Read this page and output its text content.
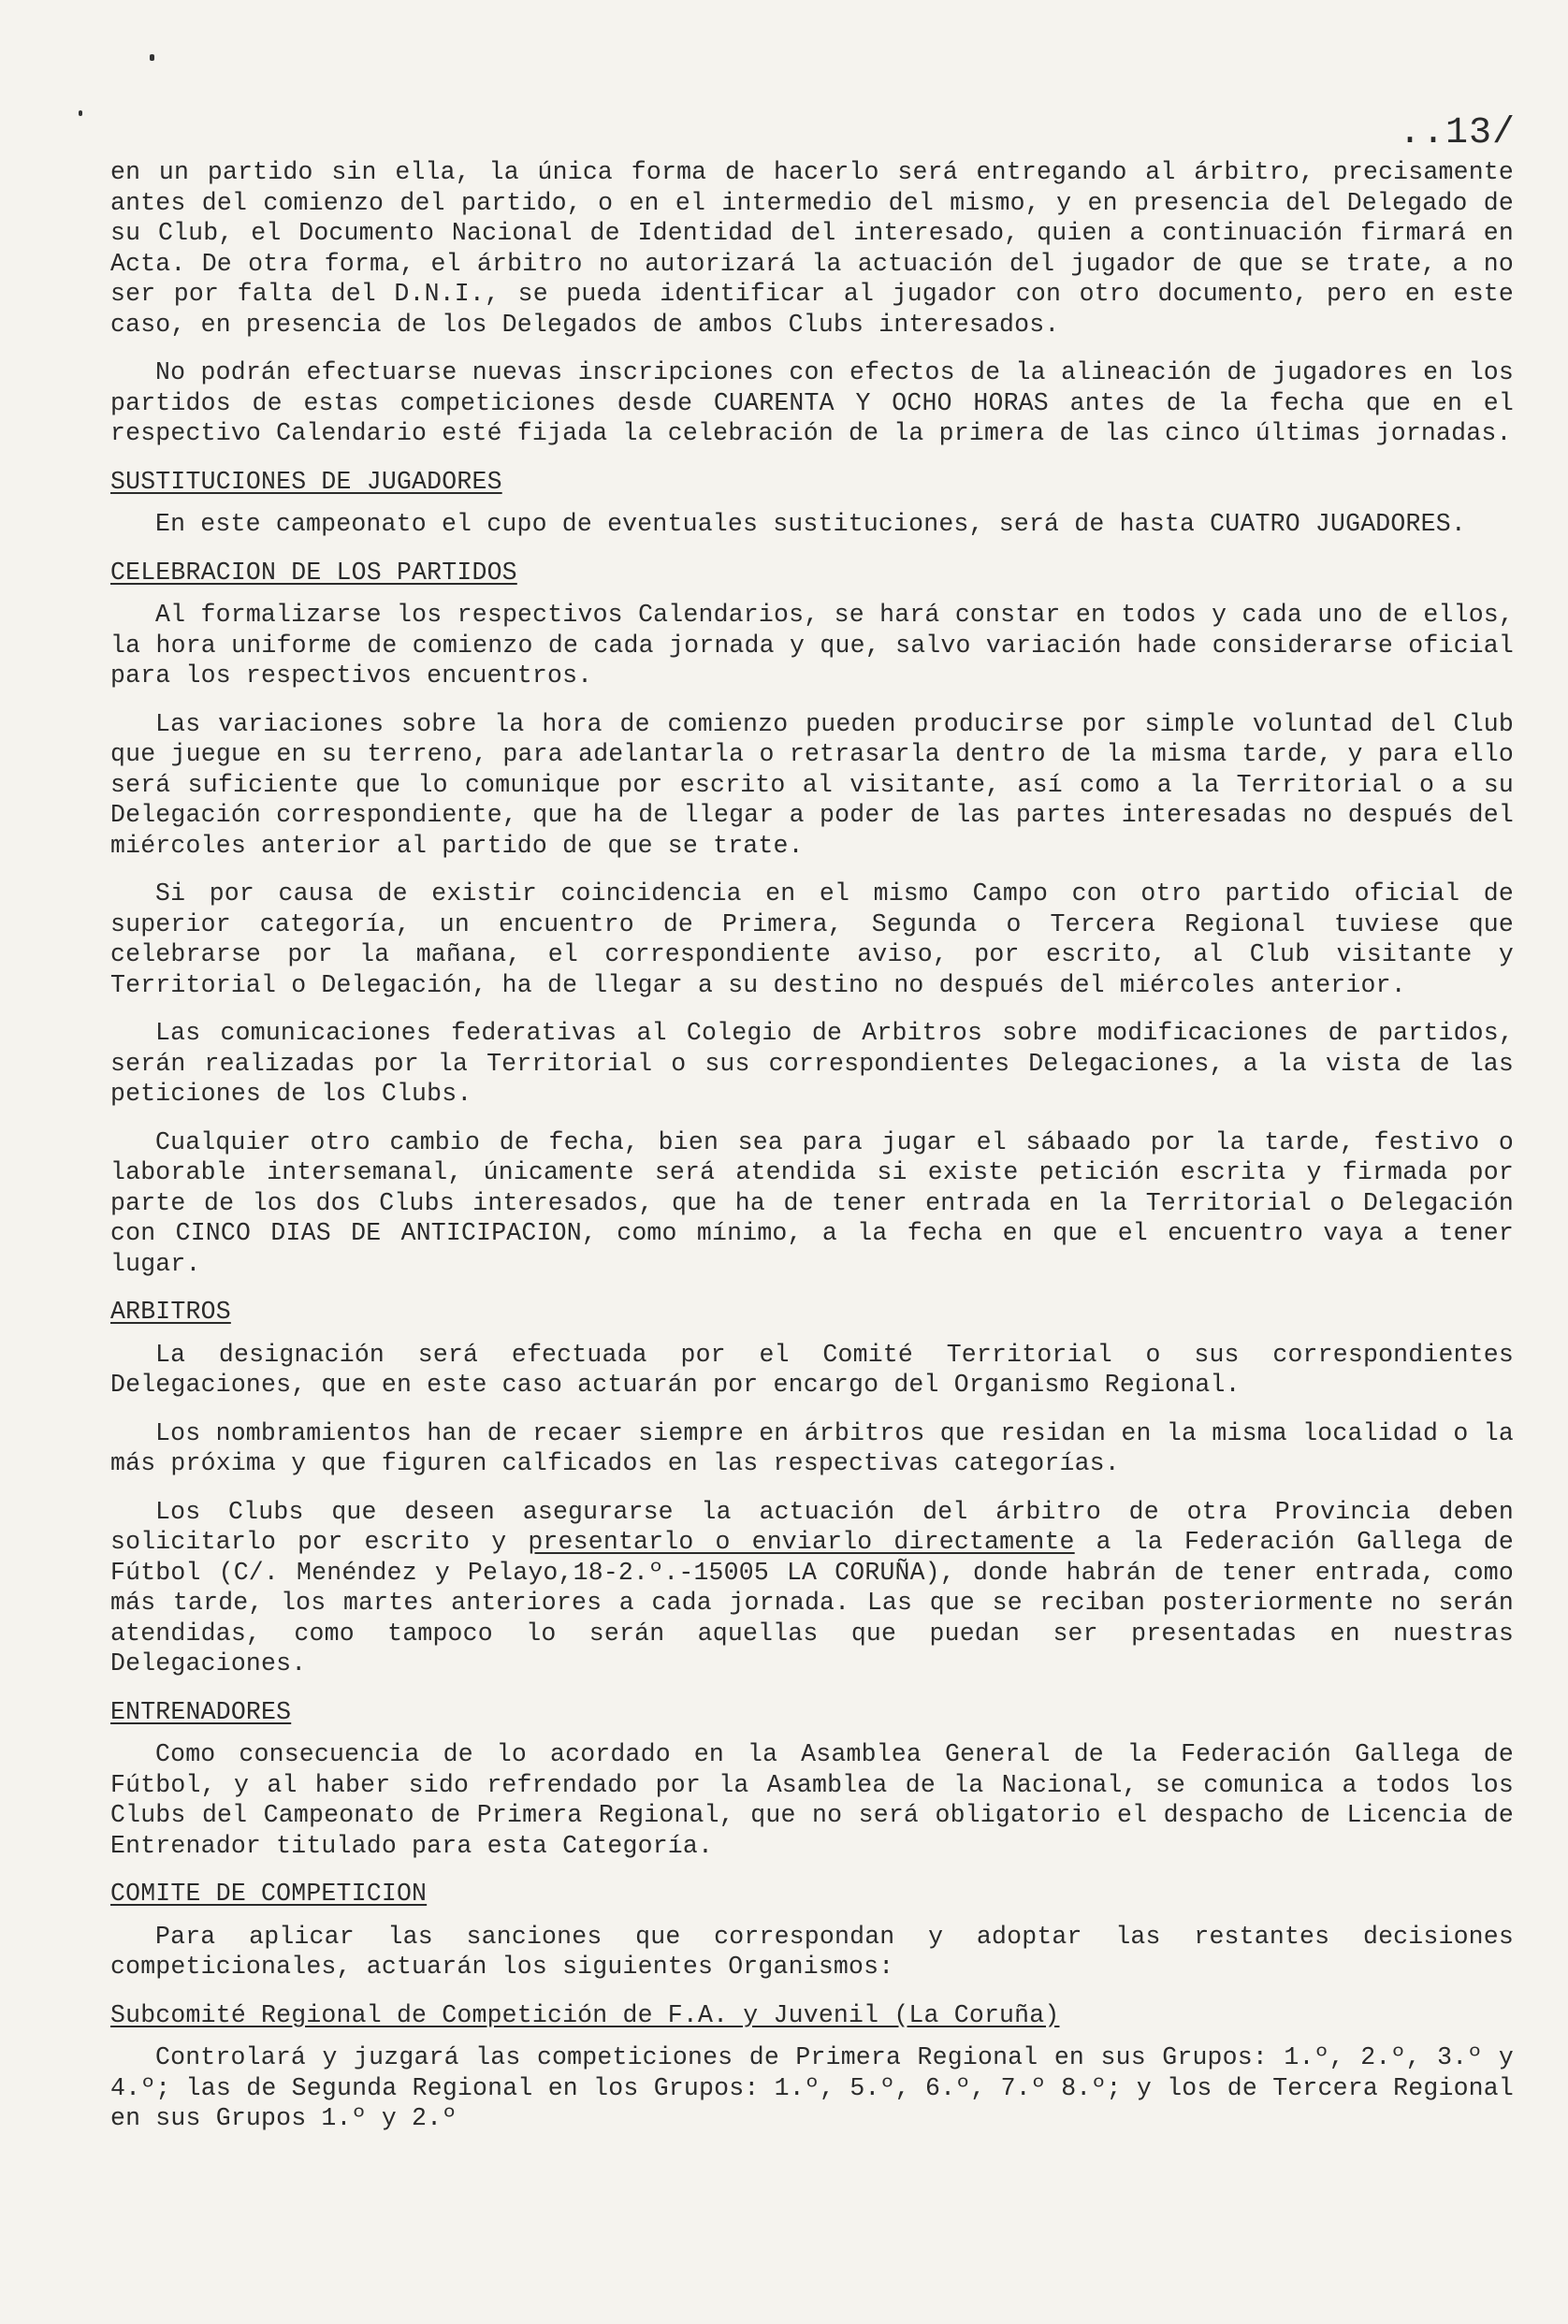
..13/

en un partido sin ella, la única forma de hacerlo será entregando al árbitro, precisamente antes del comienzo del partido, o en el intermedio del mismo, y en presencia del Delegado de su Club, el Documento Nacional de Identidad del interesado, quien a continuación firmará en Acta. De otra forma, el árbitro no autorizará la actuación del jugador de que se trate, a no ser por falta del D.N.I., se pueda identificar al jugador con otro documento, pero en este caso, en presencia de los Delegados de ambos Clubs interesados.

No podrán efectuarse nuevas inscripciones con efectos de la alineación de jugadores en los partidos de estas competiciones desde CUARENTA Y OCHO HORAS antes de la fecha que en el respectivo Calendario esté fijada la celebración de la primera de las cinco últimas jornadas.

SUSTITUCIONES DE JUGADORES

En este campeonato el cupo de eventuales sustituciones, será de hasta CUATRO JUGADORES.

CELEBRACION DE LOS PARTIDOS

Al formalizarse los respectivos Calendarios, se hará constar en todos y cada uno de ellos, la hora uniforme de comienzo de cada jornada y que, salvo variación hade considerarse oficial para los respectivos encuentros.

Las variaciones sobre la hora de comienzo pueden producirse por simple voluntad del Club que juegue en su terreno, para adelantarla o retrasarla dentro de la misma tarde, y para ello será suficiente que lo comunique por escrito al visitante, así como a la Territorial o a su Delegación correspondiente, que ha de llegar a poder de las partes interesadas no después del miércoles anterior al partido de que se trate.

Si por causa de existir coincidencia en el mismo Campo con otro partido oficial de superior categoría, un encuentro de Primera, Segunda o Tercera Regional tuviese que celebrarse por la mañana, el correspondiente aviso, por escrito, al Club visitante y Territorial o Delegación, ha de llegar a su destino no después del miércoles anterior.

Las comunicaciones federativas al Colegio de Arbitros sobre modificaciones de partidos, serán realizadas por la Territorial o sus correspondientes Delegaciones, a la vista de las peticiones de los Clubs.

Cualquier otro cambio de fecha, bien sea para jugar el sábaado por la tarde, festivo o laborable intersemanal, únicamente será atendida si existe petición escrita y firmada por parte de los dos Clubs interesados, que ha de tener entrada en la Territorial o Delegación con CINCO DIAS DE ANTICIPACION, como mínimo, a la fecha en que el encuentro vaya a tener lugar.

ARBITROS

La designación será efectuada por el Comité Territorial o sus correspondientes Delegaciones, que en este caso actuarán por encargo del Organismo Regional.

Los nombramientos han de recaer siempre en árbitros que residan en la misma localidad o la más próxima y que figuren calficados en las respectivas categorías.

Los Clubs que deseen asegurarse la actuación del árbitro de otra Provincia deben solicitarlo por escrito y presentarlo o enviarlo directamente a la Federación Gallega de Fútbol (C/. Menéndez y Pelayo,18-2.º.-15005 LA CORUÑA), donde habrán de tener entrada, como más tarde, los martes anteriores a cada jornada. Las que se reciban posteriormente no serán atendidas, como tampoco lo serán aquellas que puedan ser presentadas en nuestras Delegaciones.

ENTRENADORES

Como consecuencia de lo acordado en la Asamblea General de la Federación Gallega de Fútbol, y al haber sido refrendado por la Asamblea de la Nacional, se comunica a todos los Clubs del Campeonato de Primera Regional, que no será obligatorio el despacho de Licencia de Entrenador titulado para esta Categoría.

COMITE DE COMPETICION

Para aplicar las sanciones que correspondan y adoptar las restantes decisiones competicionales, actuarán los siguientes Organismos:

Subcomité Regional de Competición de F.A. y Juvenil (La Coruña)

Controlará y juzgará las competiciones de Primera Regional en sus Grupos: 1.º, 2.º, 3.º y 4.º; las de Segunda Regional en los Grupos: 1.º, 5.º, 6.º, 7.º 8.º; y los de Tercera Regional en sus Grupos 1.º y 2.º
